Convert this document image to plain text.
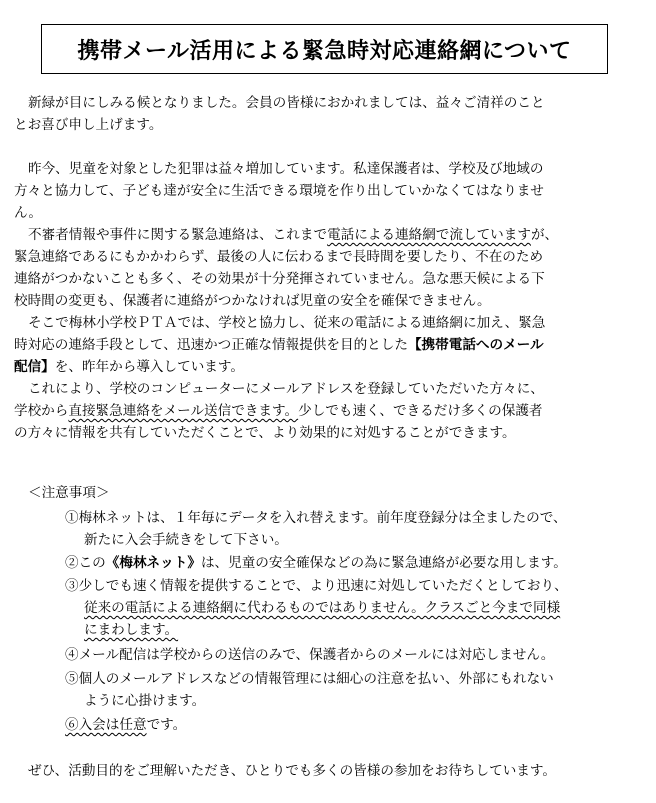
携帯メール活用による緊急時対応連絡網について
新緑が目にしみる候となりました。会員の皆様におかれましては、益々ご清祥のこと
とお喜び申し上げます。
昨今、児童を対象とした犯罪は益々増加しています。私達保護者は、学校及び地域の
方々と協力して、子ども達が安全に生活できる環境を作り出していかなくてはなりませ
ん。
不審者情報や事件に関する緊急連絡は、これまで電話による連絡網で流していますが、
緊急連絡であるにもかかわらず、最後の人に伝わるまで長時間を要したり、不在のため
連絡がつかないことも多く、その効果が十分発揮されていません。急な悪天候による下
校時間の変更も、保護者に連絡がつかなければ児童の安全を確保できません。
そこで梅林小学校ＰＴＡでは、学校と協力し、従来の電話による連絡網に加え、緊急
時対応の連絡手段として、迅速かつ正確な情報提供を目的とした【携帯電話へのメール
配信】を、昨年から導入しています。
これにより、学校のコンピューターにメールアドレスを登録していただいた方々に、
学校から直接緊急連絡をメール送信できます。少しでも速く、できるだけ多くの保護者
の方々に情報を共有していただくことで、より効果的に対処することができます。
＜注意事項＞
①梅林ネットは、１年毎にデータを入れ替えます。前年度登録分は全ましたので、
新たに入会手続きをして下さい。
②この《梅林ネット》は、児童の安全確保などの為に緊急連絡が必要な用します。
③少しでも速く情報を提供することで、より迅速に対処していただくとしており、
従来の電話による連絡網に代わるものではありません。クラスごと今まで同様
にまわします。
④メール配信は学校からの送信のみで、保護者からのメールには対応しません。
⑤個人のメールアドレスなどの情報管理には細心の注意を払い、外部にもれない
ように心掛けます。
⑥入会は任意です。
ぜひ、活動目的をご理解いただき、ひとりでも多くの皆様の参加をお待ちしています。
